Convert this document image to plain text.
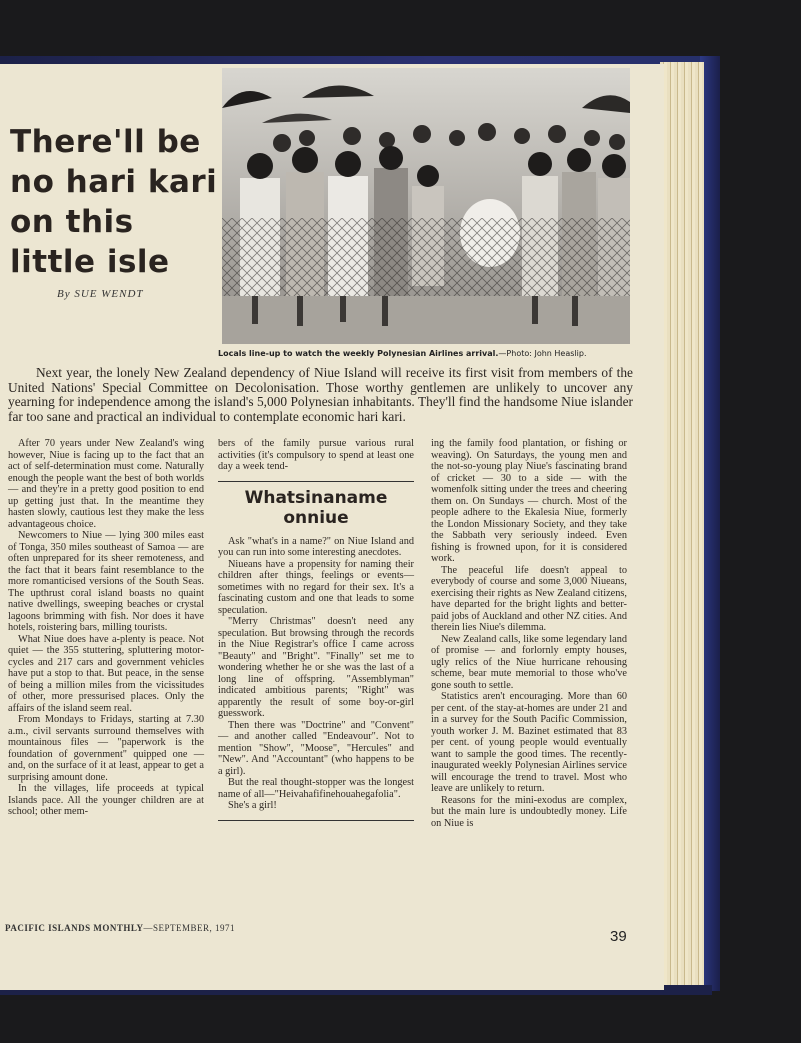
There'll be no hari kari on this little isle
By SUE WENDT
Locals line-up to watch the weekly Polynesian Airlines arrival.—Photo: John Heaslip.

Next year, the lonely New Zealand dependency of Niue Island will receive its first visit from members of the United Nations' Special Committee on Decolonisation. Those worthy gentlemen are unlikely to uncover any yearning for independence among the island's 5,000 Polynesian inhabitants. They'll find the handsome Niue islander far too sane and practical an individual to contemplate economic hari kari.

After 70 years under New Zealand's wing however, Niue is facing up to the fact that an act of self-determination must come. Naturally enough the people want the best of both worlds — and they're in a pretty good position to end up getting just that. In the meantime they hasten slowly, cautious lest they make the less advantageous choice.

Newcomers to Niue — lying 300 miles east of Tonga, 350 miles southeast of Samoa — are often unprepared for its sheer remoteness, and the fact that it bears faint resemblance to the more romanticised versions of the South Seas. The upthrust coral island boasts no quaint native dwellings, sweeping beaches or crystal lagoons brimming with fish. Nor does it have hotels, roistering bars, milling tourists.

What Niue does have a-plenty is peace. Not quiet — the 355 stuttering, spluttering motor-cycles and 217 cars and government vehicles have put a stop to that. But peace, in the sense of being a million miles from the vicissitudes of other, more pressurised places. Only the affairs of the island seem real.

From Mondays to Fridays, starting at 7.30 a.m., civil servants surround themselves with mountainous files — "paperwork is the foundation of government" quipped one — and, on the surface of it at least, appear to get a surprising amount done.

In the villages, life proceeds at typical Islands pace. All the younger children are at school; other mem-

bers of the family pursue various rural activities (it's compulsory to spend at least one day a week tend-

Whatsinaname onniue

Ask "what's in a name?" on Niue Island and you can run into some interesting anecdotes.

Niueans have a propensity for naming their children after things, feelings or events—sometimes with no regard for their sex. It's a fascinating custom and one that leads to some speculation.

"Merry Christmas" doesn't need any speculation. But browsing through the records in the Niue Registrar's office I came across "Beauty" and "Bright". "Finally" set me to wondering whether he or she was the last of a long line of offspring. "Assemblyman" indicated ambitious parents; "Right" was apparently the result of some boy-or-girl guesswork.

Then there was "Doctrine" and "Convent" — and another called "Endeavour". Not to mention "Show", "Moose", "Hercules" and "New". And "Accountant" (who happens to be a girl).

But the real thought-stopper was the longest name of all—"Heivahafifinehouahegafolia".

She's a girl!

ing the family food plantation, or fishing or weaving). On Saturdays, the young men and the not-so-young play Niue's fascinating brand of cricket — 30 to a side — with the womenfolk sitting under the trees and cheering them on. On Sundays — church. Most of the people adhere to the Ekalesia Niue, formerly the London Missionary Society, and they take the Sabbath very seriously indeed. Even fishing is frowned upon, for it is considered work.

The peaceful life doesn't appeal to everybody of course and some 3,000 Niueans, exercising their rights as New Zealand citizens, have departed for the bright lights and better-paid jobs of Auckland and other NZ cities. And therein lies Niue's dilemma.

New Zealand calls, like some legendary land of promise — and forlornly empty houses, ugly relics of the Niue hurricane rehousing scheme, bear mute memorial to those who've gone south to settle.

Statistics aren't encouraging. More than 60 per cent. of the stay-at-homes are under 21 and in a survey for the South Pacific Commission, youth worker J. M. Bazinet estimated that 83 per cent. of young people would eventually want to sample the good times. The recently-inaugurated weekly Polynesian Airlines service will encourage the trend to travel. Most who leave are unlikely to return.

Reasons for the mini-exodus are complex, but the main lure is undoubtedly money. Life on Niue is

PACIFIC ISLANDS MONTHLY—SEPTEMBER, 1971	39
